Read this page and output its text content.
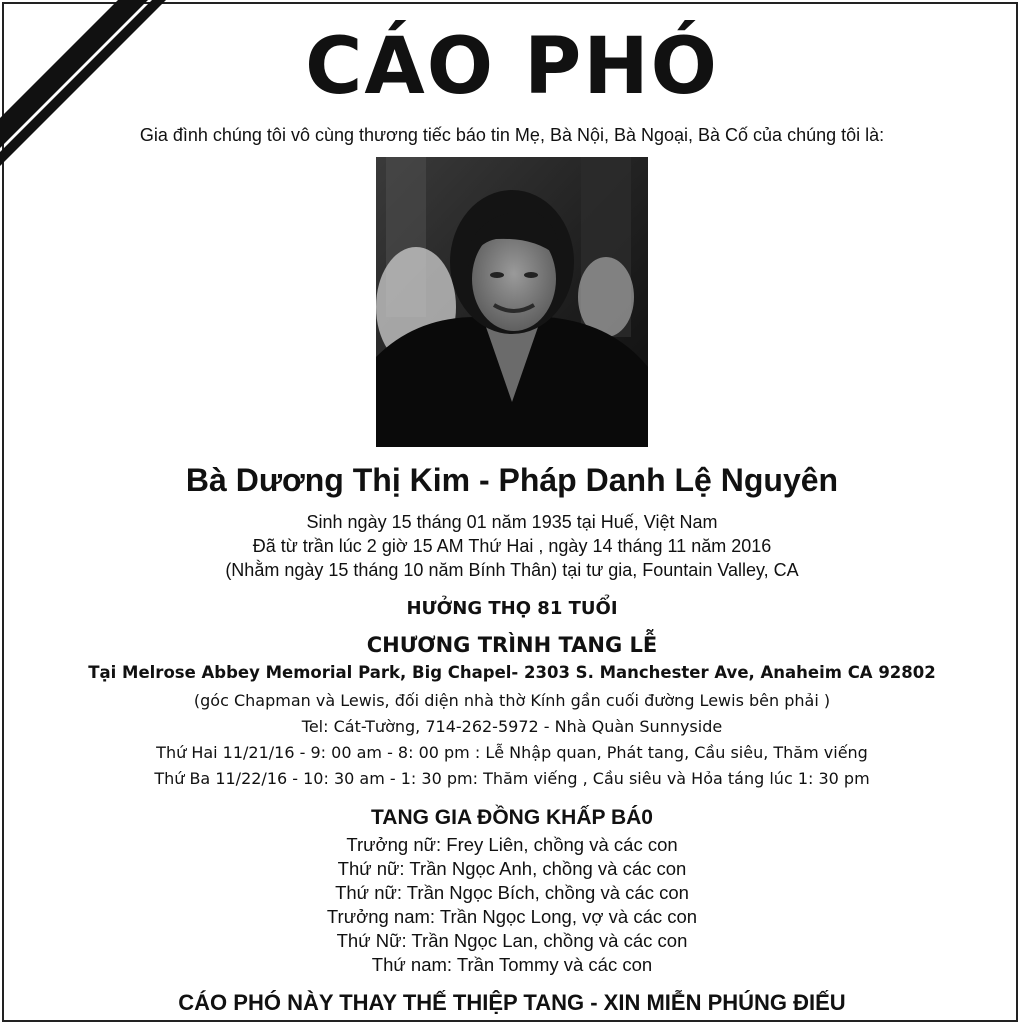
CÁO PHÓ
Gia đình chúng tôi vô cùng thương tiếc báo tin Mẹ, Bà Nội, Bà Ngoại, Bà Cố của chúng tôi là:
Bà Dương Thị Kim - Pháp Danh Lệ Nguyên
Sinh ngày 15 tháng 01 năm 1935 tại Huế, Việt Nam
Đã từ trần lúc 2 giờ 15 AM Thứ Hai , ngày 14 tháng 11 năm 2016
(Nhằm ngày 15 tháng 10 năm Bính Thân) tại tư gia, Fountain Valley, CA
HƯỞNG THỌ 81 TUỔI
CHƯƠNG TRÌNH TANG LỄ
Tại Melrose Abbey Memorial Park, Big Chapel- 2303 S. Manchester Ave, Anaheim CA 92802
(góc Chapman và Lewis, đối diện nhà thờ Kính gần cuối đường Lewis bên phải )
Tel: Cát-Tường, 714-262-5972 - Nhà Quàn Sunnyside
Thứ Hai 11/21/16 - 9: 00 am - 8: 00 pm : Lễ Nhập quan, Phát tang, Cầu siêu, Thăm viếng
Thứ Ba 11/22/16 - 10: 30 am - 1: 30 pm: Thăm viếng , Cầu siêu và Hỏa táng lúc 1: 30 pm
TANG GIA ĐỒNG KHẤP BÁ0
Trưởng nữ: Frey Liên, chồng và các con
Thứ nữ: Trần Ngọc Anh, chồng và các con
Thứ nữ: Trần Ngọc Bích, chồng và các con
Trưởng nam: Trần Ngọc Long, vợ và các con
Thứ Nữ: Trần Ngọc Lan, chồng và các con
Thứ nam: Trần Tommy và các con
CÁO PHÓ NÀY THAY THẾ THIỆP TANG - XIN MIỄN PHÚNG ĐIẾU
